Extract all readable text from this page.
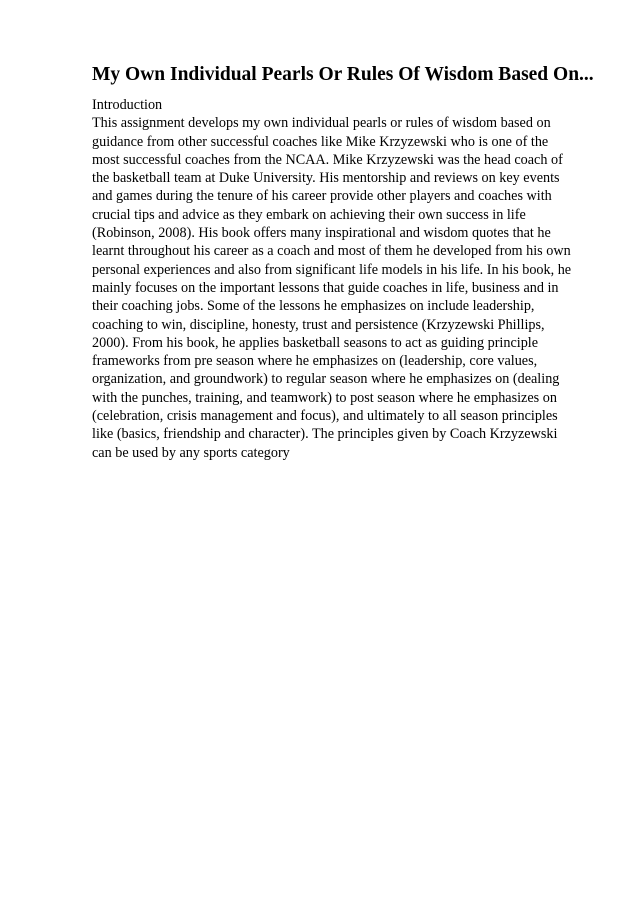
My Own Individual Pearls Or Rules Of Wisdom Based On...

Introduction

This assignment develops my own individual pearls or rules of wisdom based on
guidance from other successful coaches like Mike Krzyzewski who is one of the
most successful coaches from the NCAA. Mike Krzyzewski was the head coach of
the basketball team at Duke University. His mentorship and reviews on key events
and games during the tenure of his career provide other players and coaches with
crucial tips and advice as they embark on achieving their own success in life
(Robinson, 2008). His book offers many inspirational and wisdom quotes that he
learnt throughout his career as a coach and most of them he developed from his own
personal experiences and also from significant life models in his life. In his book, he
mainly focuses on the important lessons that guide coaches in life, business and in
their coaching jobs. Some of the lessons he emphasizes on include leadership,
coaching to win, discipline, honesty, trust and persistence (Krzyzewski Phillips,
2000). From his book, he applies basketball seasons to act as guiding principle
frameworks from pre season where he emphasizes on (leadership, core values,
organization, and groundwork) to regular season where he emphasizes on (dealing
with the punches, training, and teamwork) to post season where he emphasizes on
(celebration, crisis management and focus), and ultimately to all season principles
like (basics, friendship and character). The principles given by Coach Krzyzewski
can be used by any sports category
